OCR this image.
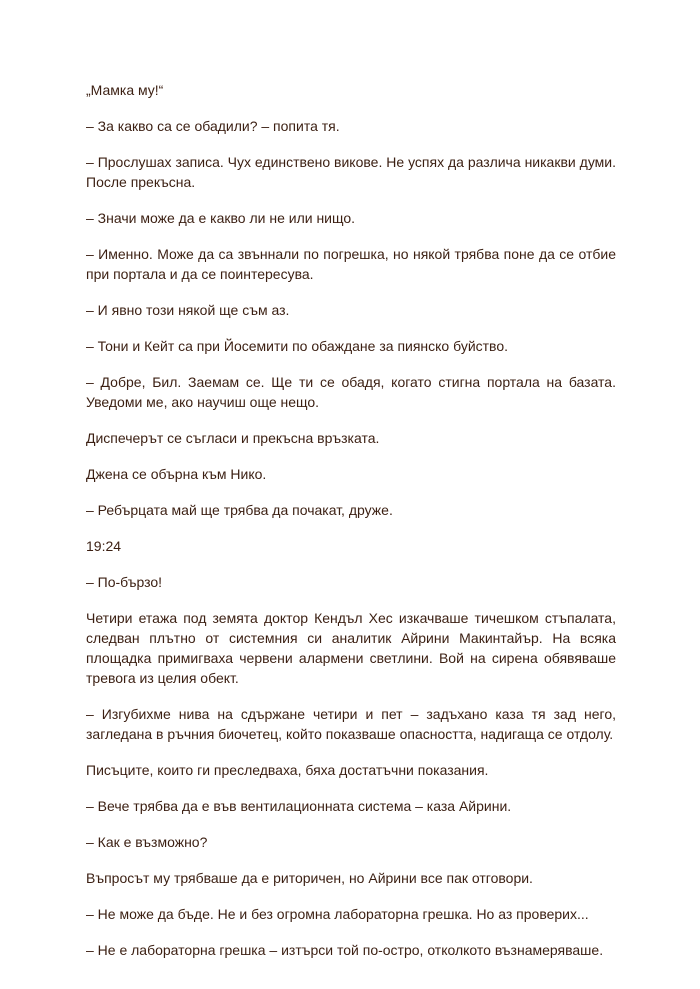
„Мамка му!“

– За какво са се обадили? – попита тя.

– Прослушах записа. Чух единствено викове. Не успях да различа никакви думи. После прекъсна.

– Значи може да е какво ли не или нищо.

– Именно. Може да са звъннали по погрешка, но някой трябва поне да се отбие при портала и да се поинтересува.

– И явно този някой ще съм аз.

– Тони и Кейт са при Йосемити по обаждане за пиянско буйство.

– Добре, Бил. Заемам се. Ще ти се обадя, когато стигна портала на базата. Уведоми ме, ако научиш още нещо.

Диспечерът се съгласи и прекъсна връзката.

Джена се обърна към Нико.

– Ребърцата май ще трябва да почакат, друже.

19:24

– По-бързо!

Четири етажа под земята доктор Кендъл Хес изкачваше тичешком стъпалата, следван плътно от системния си аналитик Айрини Макинтайър. На всяка площадка примигваха червени алармени светлини. Вой на сирена обявяваше тревога из целия обект.

– Изгубихме нива на сдържане четири и пет – задъхано каза тя зад него, загледана в ръчния биочетец, който показваше опасността, надигаща се отдолу.

Писъците, които ги преследваха, бяха достатъчни показания.

– Вече трябва да е във вентилационната система – каза Айрини.

– Как е възможно?

Въпросът му трябваше да е риторичен, но Айрини все пак отговори.

– Не може да бъде. Не и без огромна лабораторна грешка. Но аз проверих...

– Не е лабораторна грешка – изтърси той по-остро, отколкото възнамеряваше.
